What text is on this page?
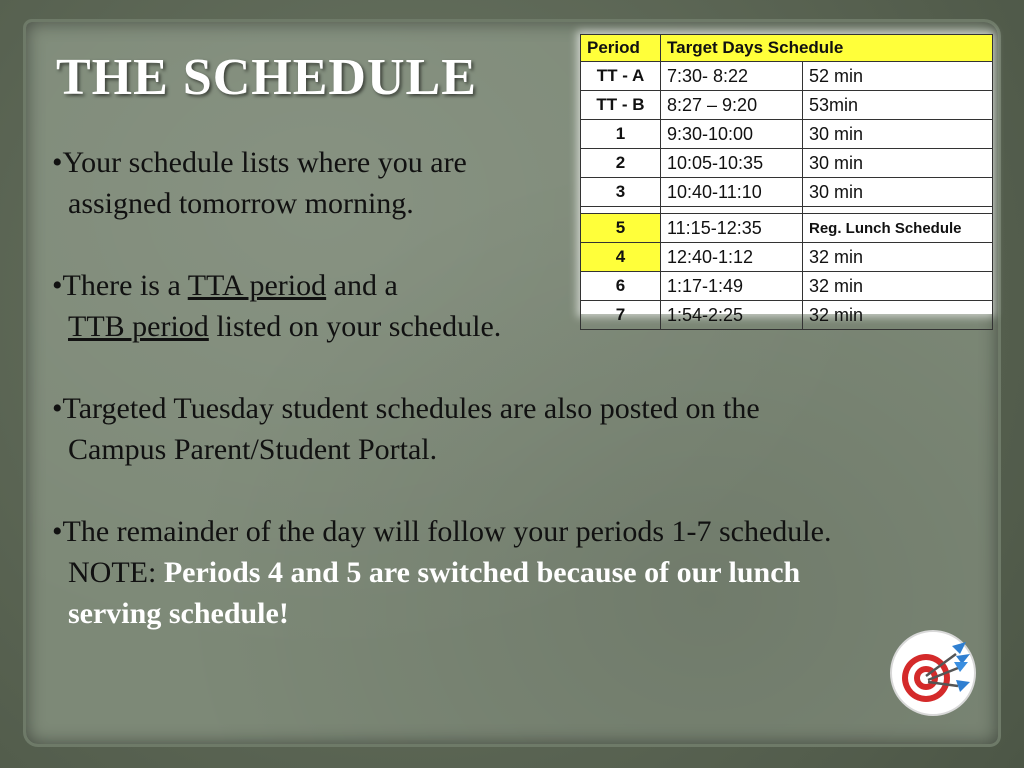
THE SCHEDULE
Period	Target Days Schedule	
TT - A	7:30- 8:22	52 min
TT - B	8:27 – 9:20	53min
1	9:30-10:00	30 min
2	10:05-10:35	30 min
3	10:40-11:10	30 min

5	11:15-12:35	Reg. Lunch Schedule
4	12:40-1:12	32 min
6	1:17-1:49	32 min
7	1:54-2:25	32 min
•Your schedule lists where you are
assigned tomorrow morning.
•There is a TTA period and a
TTB period listed on your schedule.
•Targeted Tuesday student schedules are also posted on the
Campus Parent/Student Portal.
•The remainder of the day will follow your periods 1-7 schedule.
NOTE: Periods 4 and 5 are switched because of our lunch
serving schedule!
